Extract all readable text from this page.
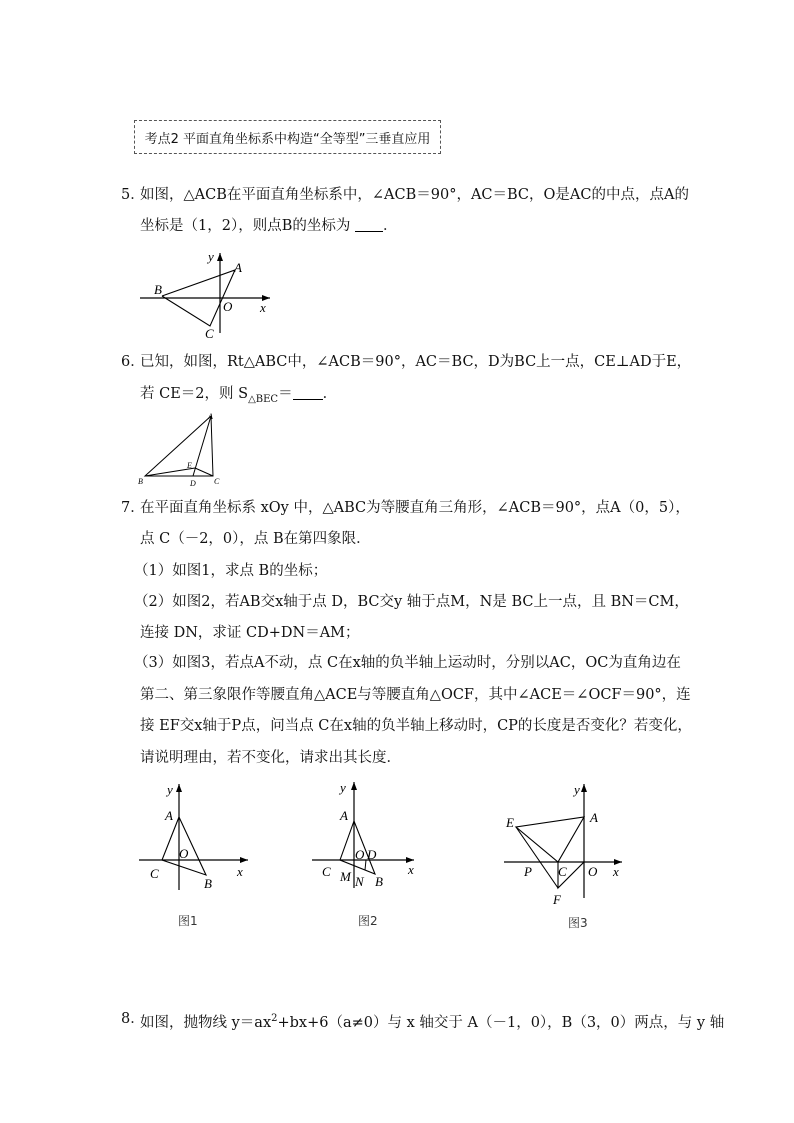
考点2 平面直角坐标系中构造“全等型”三垂直应用
5．
如图，△ACB在平面直角坐标系中，∠ACB＝90°，AC＝BC，O是AC的中点，点A的
坐标是（1，2），则点B的坐标为 ．
y
x
A
B
O
C
6．
已知，如图，Rt△ABC中，∠ACB＝90°，AC＝BC，D为BC上一点，CE⊥AD于E，
若 CE＝2，则 $S_{\triangle BEC}=$ ．
A
B	C
D
E
7．
在平面直角坐标系 xOy 中，△ABC为等腰直角三角形，∠ACB＝90°，点A（0，5），
点 C（－2，0），点 B在第四象限．
（1）如图1，求点 B的坐标；
（2）如图2，若AB交x轴于点 D，BC交y 轴于点M，N是 BC上一点，且 BN＝CM，
连接 DN，求证 CD+DN＝AM；
（3）如图3，若点A不动，点 C在x轴的负半轴上运动时，分别以AC，OC为直角边在
第二、第三象限作等腰直角△ACE与等腰直角△OCF，其中∠ACE＝∠OCF＝90°，连
接 EF交x轴于P点，问当点 C在x轴的负半轴上移动时，CP的长度是否变化？若变化，
请说明理由，若不变化，请求出其长度．
y
x
A
O
C
B
图1
y
x
A
O D
C M N B
图2
y
x
A
E
P C O
F
图3
8．
如图，抛物线 $y=ax^2+bx+6(a\ne 0)$与 x 轴交于 A（－1，0），B（3，0）两点，与 y 轴
